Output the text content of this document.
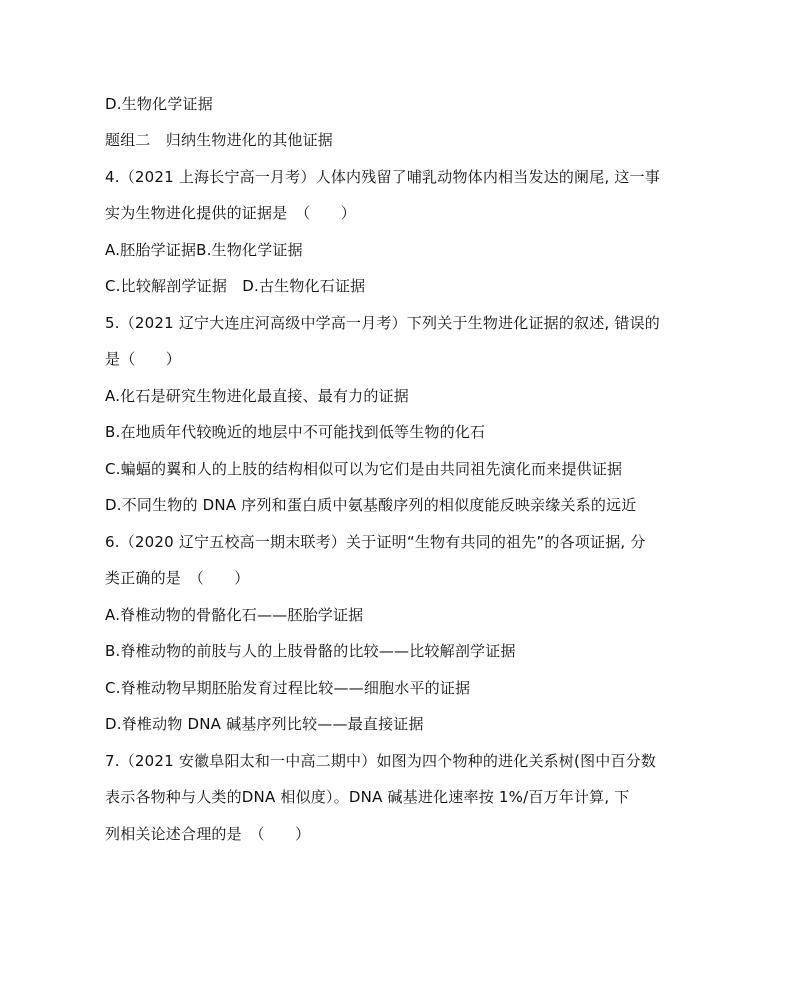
D.生物化学证据
题组二　归纳生物进化的其他证据
4.（2021 上海长宁高一月考）人体内残留了哺乳动物体内相当发达的阑尾, 这一事
实为生物进化提供的证据是　（　　）
A.胚胎学证据B.生物化学证据
C.比较解剖学证据　D.古生物化石证据
5.（2021 辽宁大连庄河高级中学高一月考）下列关于生物进化证据的叙述, 错误的
是（　　）
A.化石是研究生物进化最直接、最有力的证据
B.在地质年代较晚近的地层中不可能找到低等生物的化石
C.蝙蝠的翼和人的上肢的结构相似可以为它们是由共同祖先演化而来提供证据
D.不同生物的 DNA 序列和蛋白质中氨基酸序列的相似度能反映亲缘关系的远近
6.（2020 辽宁五校高一期末联考）关于证明“生物有共同的祖先”的各项证据, 分
类正确的是　（　　）
A.脊椎动物的骨骼化石——胚胎学证据
B.脊椎动物的前肢与人的上肢骨骼的比较——比较解剖学证据
C.脊椎动物早期胚胎发育过程比较——细胞水平的证据
D.脊椎动物 DNA 碱基序列比较——最直接证据
7.（2021 安徽阜阳太和一中高二期中）如图为四个物种的进化关系树(图中百分数
表示各物种与人类的DNA 相似度）。DNA 碱基进化速率按 1%/百万年计算, 下
列相关论述合理的是　（　　）
